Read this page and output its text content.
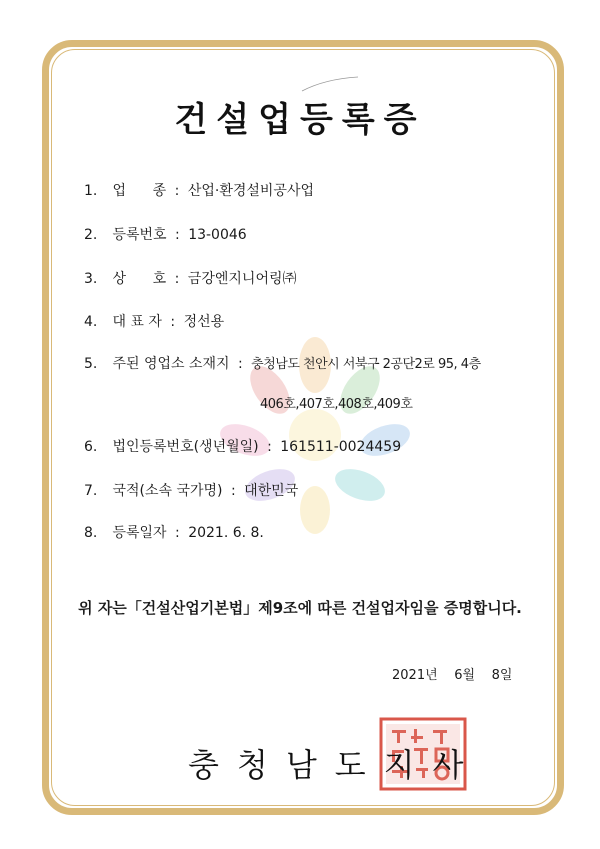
건설업등록증
1. 업      종 : 산업·환경설비공사업
2. 등록번호 : 13-0046
3. 상      호 : 금강엔지니어링㈜
4. 대 표 자 : 정선용
5. 주된 영업소 소재지 : 충청남도 천안시 서북구 2공단2로 95, 4층
406호,407호,408호,409호
6. 법인등록번호(생년월일) : 161511-0024459
7. 국적(소속 국가명) : 대한민국
8. 등록일자 : 2021. 6. 8.
위 자는「건설산업기본법」제9조에 따른 건설업자임을 증명합니다.
2021년 6월 8일
충청남도지사
